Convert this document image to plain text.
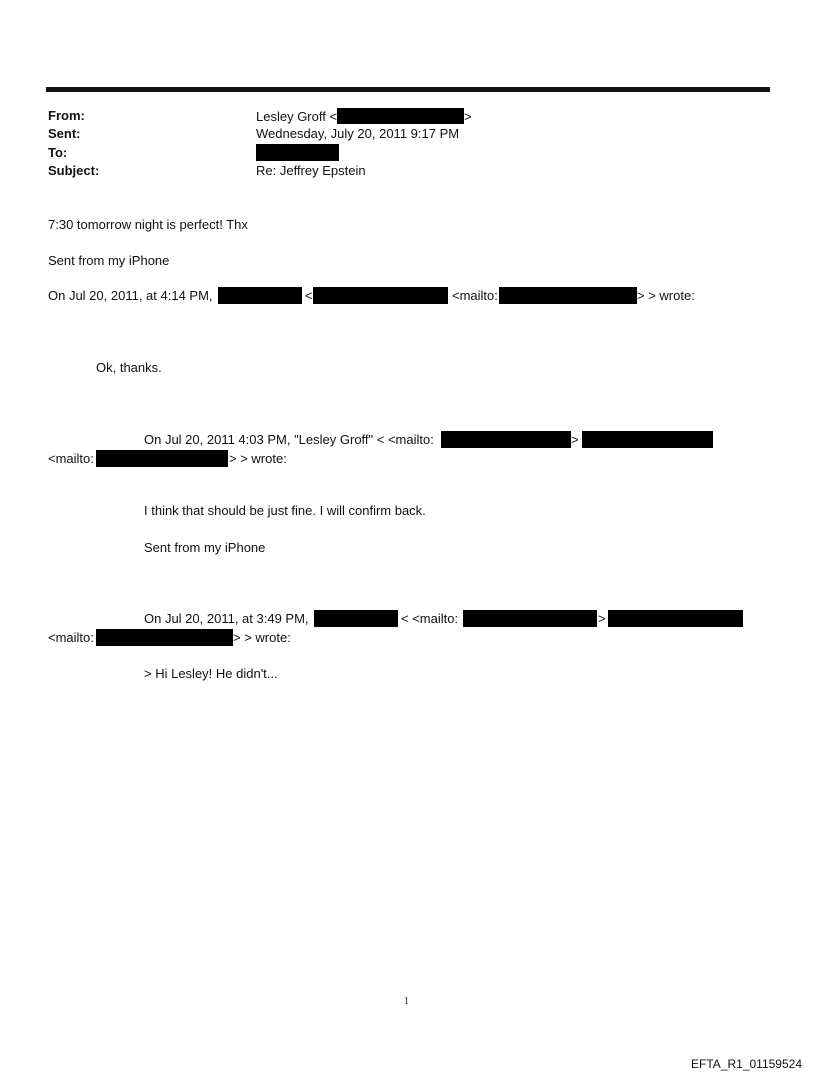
From:	Lesley Groff <	>
Sent:	Wednesday, July 20, 2011 9:17 PM
To:
Subject:	Re: Jeffrey Epstein
7:30 tomorrow night is perfect! Thx
Sent from my iPhone
On Jul 20, 2011, at 4:14 PM,	<	<mailto:	> > wrote:
Ok, thanks.
On Jul 20, 2011 4:03 PM, "Lesley Groff" < <mailto:	>
<mailto:	> > wrote:
I think that should be just fine. I will confirm back.
Sent from my iPhone
On Jul 20, 2011, at 3:49 PM,	< <mailto:	>
<mailto:	> > wrote:
> Hi Lesley! He didn't...
1
EFTA_R1_01159524
